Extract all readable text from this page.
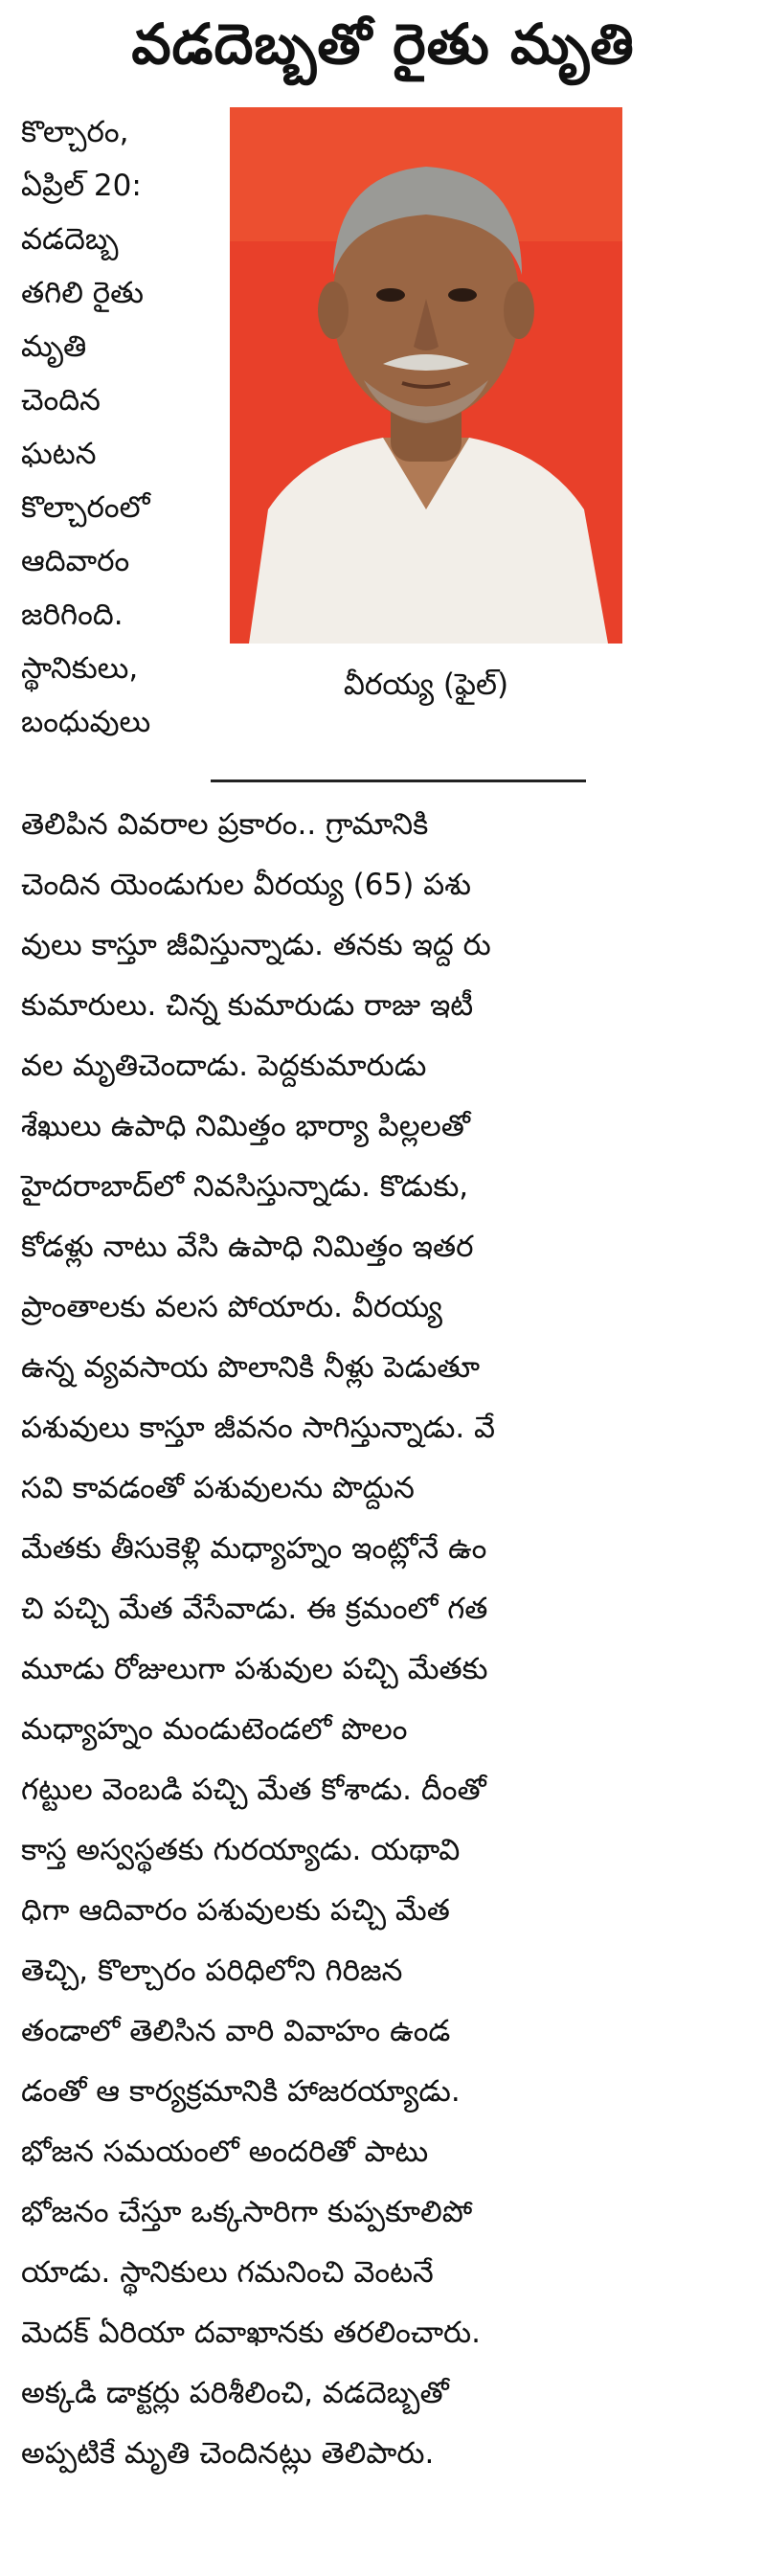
వడదెబ్బతో రైతు మృతి
కొల్చారం,
ఏప్రిల్ 20:
వడదెబ్బ
తగిలి రైతు
మృతి
చెందిన
ఘటన
కొల్చారంలో
ఆదివారం
జరిగింది.
స్థానికులు,
బంధువులు
వీరయ్య (ఫైల్)
తెలిపిన వివరాల ప్రకారం.. గ్రామానికి
చెందిన యెండుగుల వీరయ్య (65) పశు
వులు కాస్తూ జీవిస్తున్నాడు. తనకు ఇద్ద రు
కుమారులు. చిన్న కుమారుడు రాజు ఇటీ
వల మృతిచెందాడు. పెద్దకుమారుడు
శేఖులు ఉపాధి నిమిత్తం భార్యా పిల్లలతో
హైదరాబాద్‌లో నివసిస్తున్నాడు. కొడుకు,
కోడళ్లు నాటు వేసి ఉపాధి నిమిత్తం ఇతర
ప్రాంతాలకు వలస పోయారు. వీరయ్య
ఉన్న వ్యవసాయ పొలానికి నీళ్లు పెడుతూ
పశువులు కాస్తూ జీవనం సాగిస్తున్నాడు. వే
సవి కావడంతో పశువులను పొద్దున
మేతకు తీసుకెళ్లి మధ్యాహ్నం ఇంట్లోనే ఉం
చి పచ్చి మేత వేసేవాడు. ఈ క్రమంలో గత
మూడు రోజులుగా పశువుల పచ్చి మేతకు
మధ్యాహ్నం మండుటెండలో పొలం
గట్టుల వెంబడి పచ్చి మేత కోశాడు. దీంతో
కాస్త అస్వస్థతకు గురయ్యాడు. యథావి
ధిగా ఆదివారం పశువులకు పచ్చి మేత
తెచ్చి, కొల్చారం పరిధిలోని గిరిజన
తండాలో తెలిసిన వారి వివాహం ఉండ
డంతో ఆ కార్యక్రమానికి హాజరయ్యాడు.
భోజన సమయంలో అందరితో పాటు
భోజనం చేస్తూ ఒక్కసారిగా కుప్పకూలిపో
యాడు. స్థానికులు గమనించి వెంటనే
మెదక్ ఏరియా దవాఖానకు తరలించారు.
అక్కడి డాక్టర్లు పరిశీలించి, వడదెబ్బతో
అప్పటికే మృతి చెందినట్లు తెలిపారు.
